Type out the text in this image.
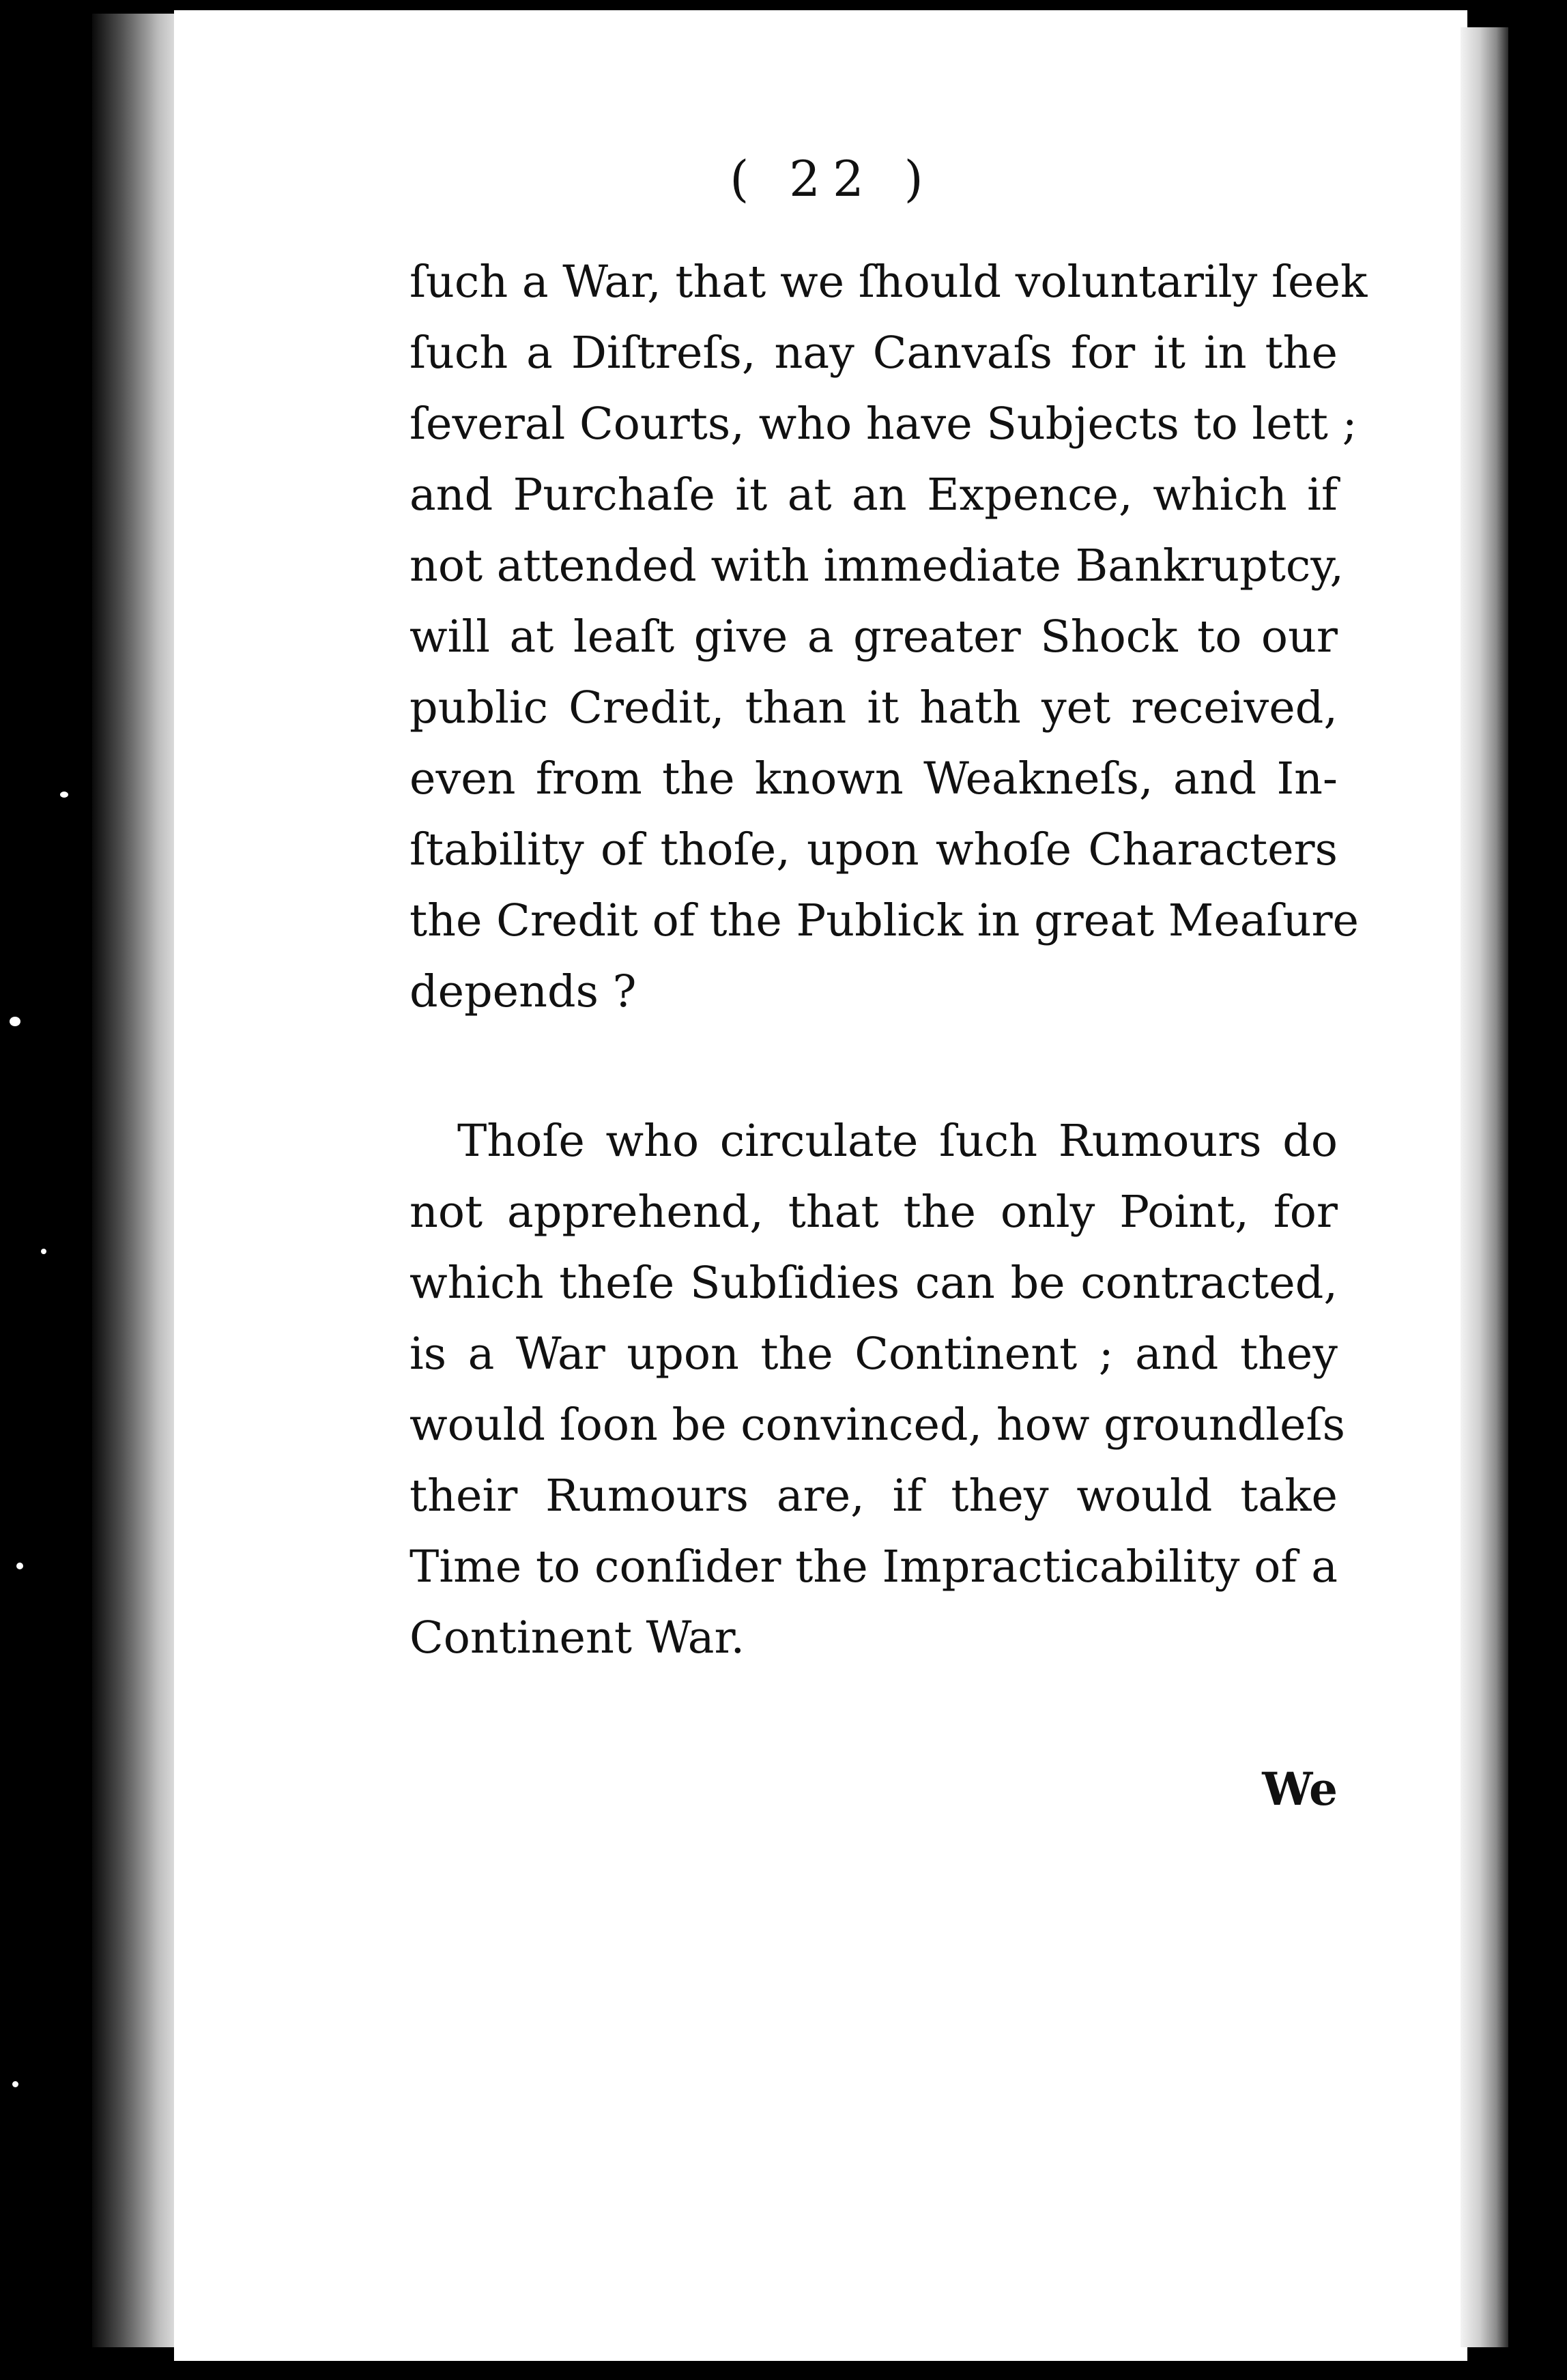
( 22 )

ſuch a War, that we ſhould voluntarily ſeek
ſuch a Diſtreſs, nay Canvaſs for it in the
ſeveral Courts, who have Subjects to lett ;
and Purchaſe it at an Expence, which if
not attended with immediate Bankruptcy,
will at leaſt give a greater Shock to our
public Credit, than it hath yet received,
even from the known Weakneſs, and In-
ſtability of thoſe, upon whoſe Characters
the Credit of the Publick in great Meaſure
depends ?

Thoſe who circulate ſuch Rumours do
not apprehend, that the only Point, for
which theſe Subſidies can be contracted,
is a War upon the Continent ; and they
would ſoon be convinced, how groundleſs
their Rumours are, if they would take
Time to conſider the Impracticability of a
Continent War.

We
